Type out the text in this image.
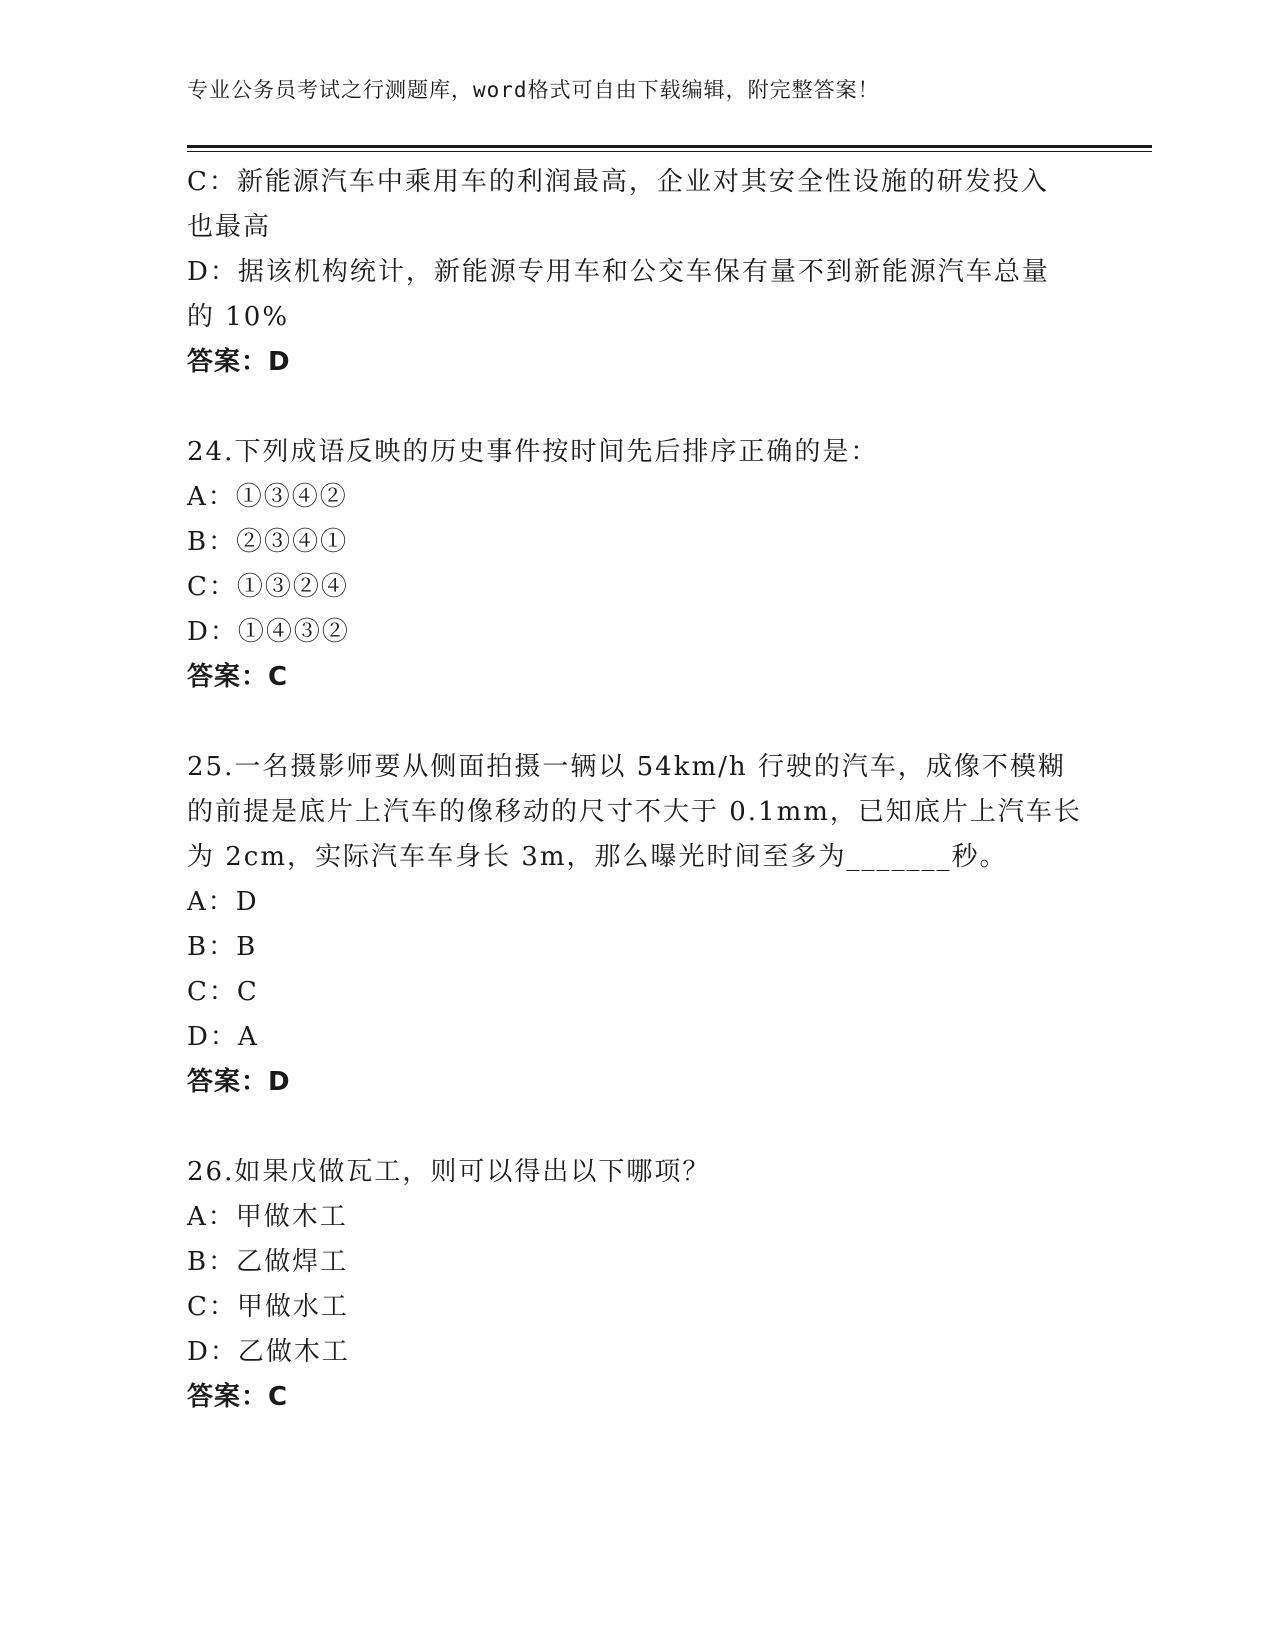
专业公务员考试之行测题库，word格式可自由下载编辑，附完整答案！
C：新能源汽车中乘用车的利润最高，企业对其安全性设施的研发投入
也最高
D：据该机构统计，新能源专用车和公交车保有量不到新能源汽车总量
的 10%
答案：D
24.下列成语反映的历史事件按时间先后排序正确的是：
A：①③④②
B：②③④①
C：①③②④
D：①④③②
答案：C
25.一名摄影师要从侧面拍摄一辆以 54km/h 行驶的汽车，成像不模糊
的前提是底片上汽车的像移动的尺寸不大于 0.1mm，已知底片上汽车长
为 2cm，实际汽车车身长 3m，那么曝光时间至多为_______秒。
A：D
B：B
C：C
D：A
答案：D
26.如果戊做瓦工，则可以得出以下哪项？
A：甲做木工
B：乙做焊工
C：甲做水工
D：乙做木工
答案：C
